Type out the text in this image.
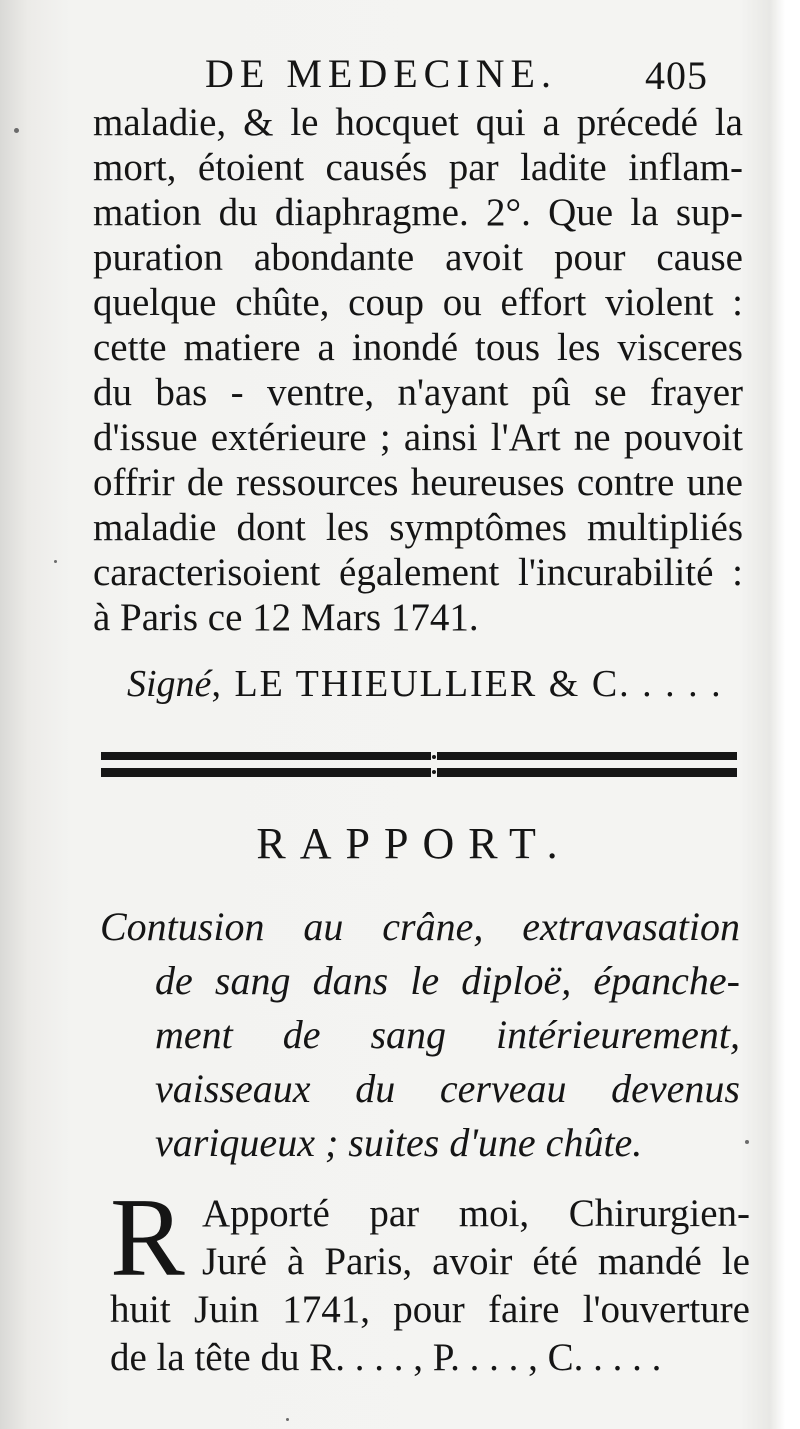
DE MEDECINE. 405
maladie, & le hocquet qui a précedé la
mort, étoient causés par ladite inflam-
mation du diaphragme. 2°. Que la sup-
puration abondante avoit pour cause
quelque chûte, coup ou effort violent :
cette matiere a inondé tous les visceres
du bas - ventre, n'ayant pû se frayer
d'issue extérieure ; ainsi l'Art ne pouvoit
offrir de ressources heureuses contre une
maladie dont les symptômes multipliés
caracterisoient également l'incurabilité :
à Paris ce 12 Mars 1741.
Signé, LE THIEULLIER & C. . . . .
RAPPORT.
Contusion au crâne, extravasation
de sang dans le diploë, épanche-
ment de sang intérieurement,
vaisseaux du cerveau devenus
variqueux ; suites d'une chûte.
R Apporté par moi, Chirurgien-
Juré à Paris, avoir été mandé le
huit Juin 1741, pour faire l'ouverture
de la tête du R. . . . , P. . . . , C. . . . .
